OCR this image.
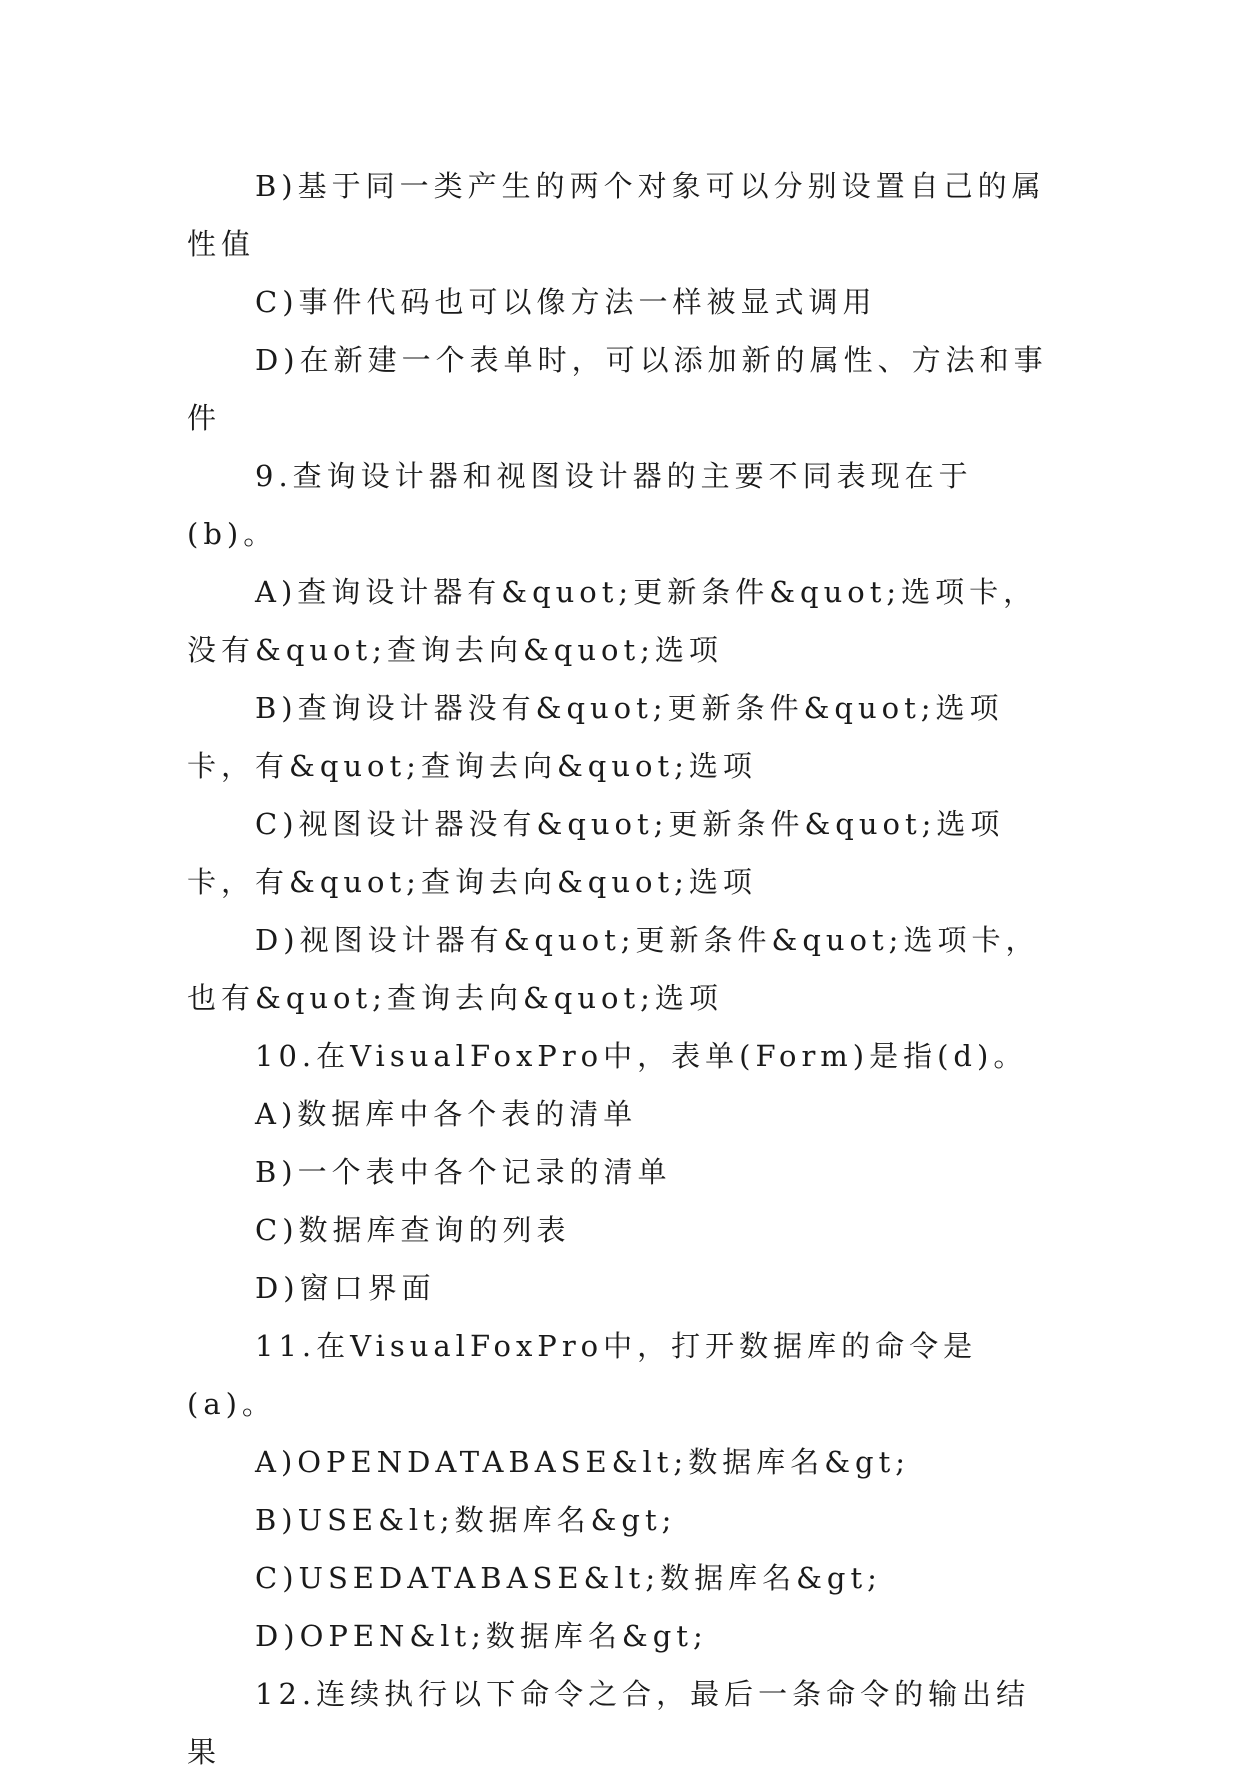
B)基于同一类产生的两个对象可以分别设置自己的属性值

C)事件代码也可以像方法一样被显式调用

D)在新建一个表单时，可以添加新的属性、方法和事件

9.查询设计器和视图设计器的主要不同表现在于(b)。

A)查询设计器有&quot;更新条件&quot;选项卡，没有&quot;查询去向&quot;选项

B)查询设计器没有&quot;更新条件&quot;选项卡，有&quot;查询去向&quot;选项

C)视图设计器没有&quot;更新条件&quot;选项卡，有&quot;查询去向&quot;选项

D)视图设计器有&quot;更新条件&quot;选项卡，也有&quot;查询去向&quot;选项

10.在VisualFoxPro中，表单(Form)是指(d)。

A)数据库中各个表的清单

B)一个表中各个记录的清单

C)数据库查询的列表

D)窗口界面

11.在VisualFoxPro中，打开数据库的命令是(a)。

A)OPENDATABASE&lt;数据库名&gt;

B)USE&lt;数据库名&gt;

C)USEDATABASE&lt;数据库名&gt;

D)OPEN&lt;数据库名&gt;

12.连续执行以下命令之合，最后一条命令的输出结果
